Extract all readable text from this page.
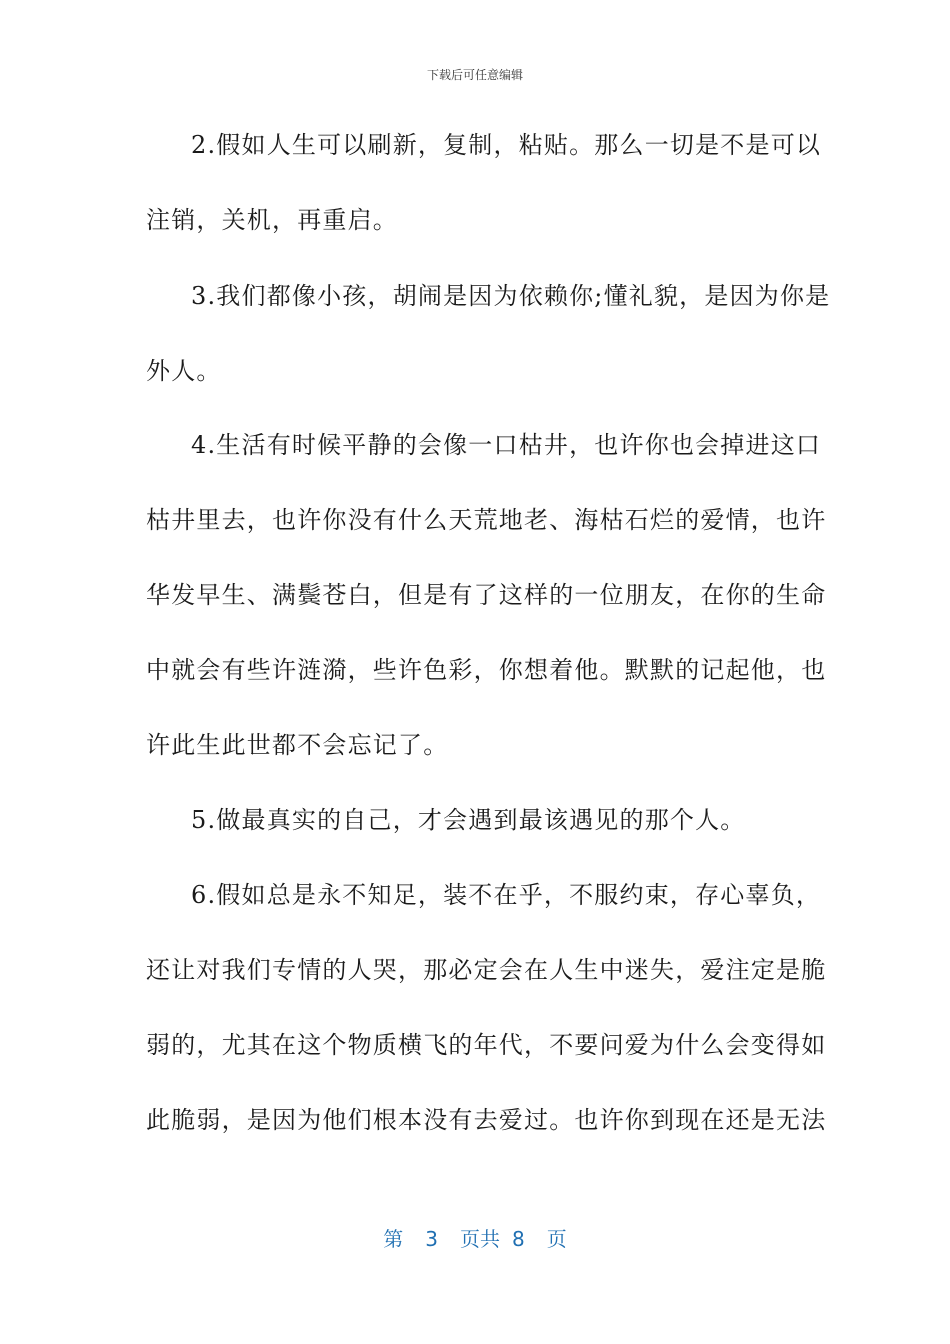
下载后可任意编辑
2.假如人生可以刷新，复制，粘贴。那么一切是不是可以
注销，关机，再重启。
3.我们都像小孩，胡闹是因为依赖你;懂礼貌，是因为你是
外人。
4.生活有时候平静的会像一口枯井，也许你也会掉进这口
枯井里去，也许你没有什么天荒地老、海枯石烂的爱情，也许
华发早生、满鬓苍白，但是有了这样的一位朋友，在你的生命
中就会有些许涟漪，些许色彩，你想着他。默默的记起他，也
许此生此世都不会忘记了。
5.做最真实的自己，才会遇到最该遇见的那个人。
6.假如总是永不知足，装不在乎，不服约束，存心辜负，
还让对我们专情的人哭，那必定会在人生中迷失，爱注定是脆
弱的，尤其在这个物质横飞的年代，不要问爱为什么会变得如
此脆弱，是因为他们根本没有去爱过。也许你到现在还是无法
第 3 页共 8 页
